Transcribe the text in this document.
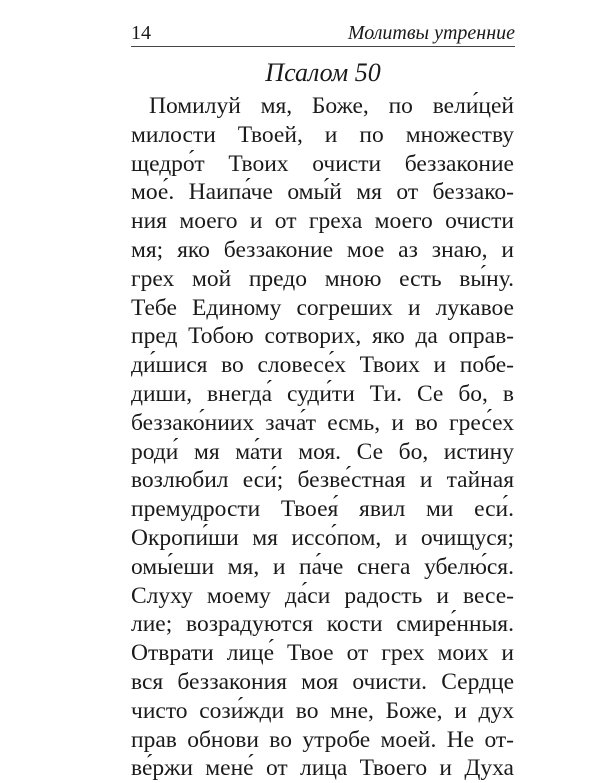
14	Молитвы утренние
Псалом 50
Помилуй мя, Боже, по вели́цей
милости Твоей, и по множеству
щедро́т Твоих очисти беззаконие
мое́. Наипа́че омы́й мя от беззако-
ния моего и от греха моего очисти
мя; яко беззаконие мое аз знаю, и
грех мой предо мною есть вы́ну.
Тебе Единому согреших и лукавое
пред Тобою сотворих, яко да оправ-
ди́шися во словесе́х Твоих и побе-
диши, внегда́ суди́ти Ти. Се бо, в
беззако́ниих зача́т есмь, и во грес́ех
роди́ мя ма́ти моя. Се бо, истину
возлюбил еси́; безве́стная и тайная
премудрости Твоея́ явил ми еси́.
Окропи́ши мя иссо́пом, и очищуся;
омы́еши мя, и па́че снега убелю́ся.
Слуху моему да́си радость и весе-
лие; возрадуются кости смире́нныя.
Отврати лице́ Твое от грех моих и
вся беззакония моя очисти. Сердце
чисто сози́жди во мне, Боже, и дух
прав обнови во утробе моей. Не от-
ве́ржи мене́ от лица Твоего и Духа
